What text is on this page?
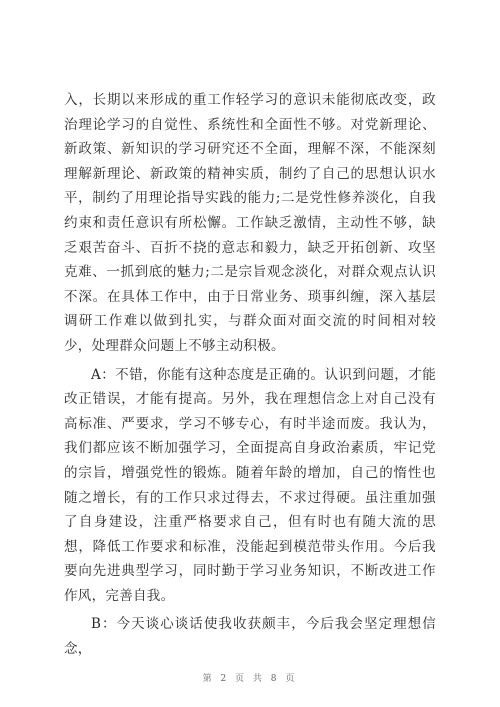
入，长期以来形成的重工作轻学习的意识未能彻底改变，政治理论学习的自觉性、系统性和全面性不够。对党新理论、新政策、新知识的学习研究还不全面，理解不深，不能深刻理解新理论、新政策的精神实质，制约了自己的思想认识水平，制约了用理论指导实践的能力;二是党性修养淡化，自我约束和责任意识有所松懈。工作缺乏激情，主动性不够，缺乏艰苦奋斗、百折不挠的意志和毅力，缺乏开拓创新、攻坚克难、一抓到底的魅力;二是宗旨观念淡化，对群众观点认识不深。在具体工作中，由于日常业务、琐事纠缠，深入基层调研工作难以做到扎实，与群众面对面交流的时间相对较少，处理群众问题上不够主动积极。

A：不错，你能有这种态度是正确的。认识到问题，才能改正错误，才能有提高。另外，我在理想信念上对自己没有高标准、严要求，学习不够专心，有时半途而废。我认为，我们都应该不断加强学习，全面提高自身政治素质，牢记党的宗旨，增强党性的锻炼。随着年龄的增加，自己的惰性也随之增长，有的工作只求过得去，不求过得硬。虽注重加强了自身建设，注重严格要求自己，但有时也有随大流的思想，降低工作要求和标准，没能起到模范带头作用。今后我要向先进典型学习，同时勤于学习业务知识，不断改进工作作风，完善自我。

B：今天谈心谈话使我收获颇丰，今后我会坚定理想信念，

第 2 页 共 8 页
